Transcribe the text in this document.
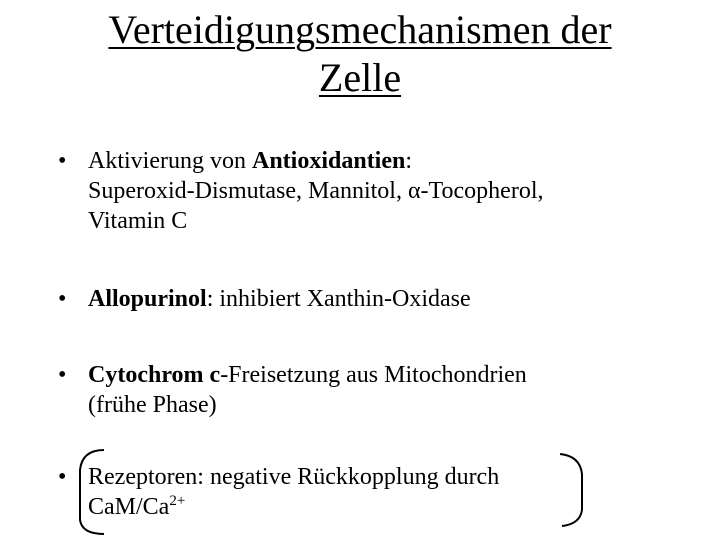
Verteidigungsmechanismen der
Zelle
• Aktivierung von Antioxidantien:
Superoxid-Dismutase, Mannitol, α-Tocopherol,
Vitamin C
• Allopurinol: inhibiert Xanthin-Oxidase
• Cytochrom c-Freisetzung aus Mitochondrien
(frühe Phase)
• Rezeptoren: negative Rückkopplung durch
CaM/$Ca^{2+}$
